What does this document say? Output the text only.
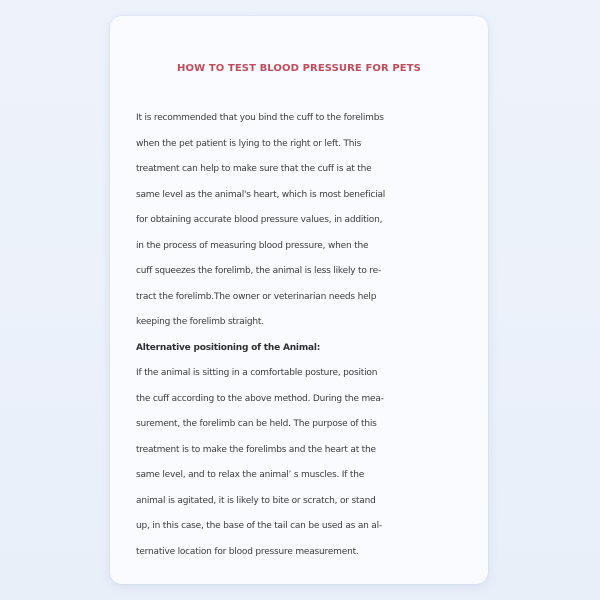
HOW TO TEST BLOOD PRESSURE FOR PETS
It is recommended that you bind the cuff to the forelimbs
when the pet patient is lying to the right or left. This
treatment can help to make sure that the cuff is at the
same level as the animal's heart, which is most beneficial
for obtaining accurate blood pressure values, in addition,
in the process of measuring blood pressure, when the
cuff squeezes the forelimb, the animal is less likely to re-
tract the forelimb.The owner or veterinarian needs help
keeping the forelimb straight.
Alternative positioning of the Animal:
If the animal is sitting in a comfortable posture, position
the cuff according to the above method. During the mea-
surement, the forelimb can be held. The purpose of this
treatment is to make the forelimbs and the heart at the
same level, and to relax the animal’ s muscles. If the
animal is agitated, it is likely to bite or scratch, or stand
up, in this case, the base of the tail can be used as an al-
ternative location for blood pressure measurement.
